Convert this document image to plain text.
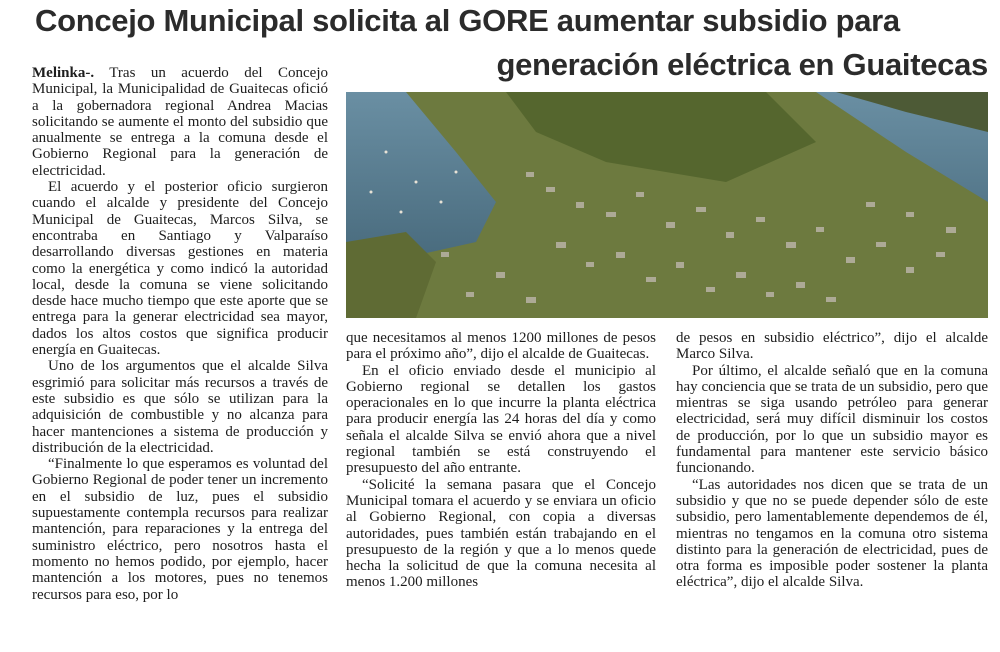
Concejo Municipal solicita al GORE aumentar subsidio para
generación eléctrica en Guaitecas

Melinka-. Tras un acuerdo del Concejo Municipal, la Municipalidad de Guaitecas ofició a la gobernadora regional Andrea Macias solicitando se aumente el monto del subsidio que anualmente se entrega a la comuna desde el Gobierno Regional para la generación de electricidad.

El acuerdo y el posterior oficio surgieron cuando el alcalde y presidente del Concejo Municipal de Guaitecas, Marcos Silva, se encontraba en Santiago y Valparaíso desarrollando diversas gestiones en materia como la energética y como indicó la autoridad local, desde la comuna se viene solicitando desde hace mucho tiempo que este aporte que se entrega para la generar electricidad sea mayor, dados los altos costos que significa producir energía en Guaitecas.

Uno de los argumentos que el alcalde Silva esgrimió para solicitar más recursos a través de este subsidio es que sólo se utilizan para la adquisición de combustible y no alcanza para hacer mantenciones a sistema de producción y distribución de la electricidad.

“Finalmente lo que esperamos es voluntad del Gobierno Regional de poder tener un incremento en el subsidio de luz, pues el subsidio supuestamente contempla recursos para realizar mantención, para reparaciones y la entrega del suministro eléctrico, pero nosotros hasta el momento no hemos podido, por ejemplo, hacer mantención a los motores, pues no tenemos recursos para eso, por lo

que necesitamos al menos 1200 millones de pesos para el próximo año”, dijo el alcalde de Guaitecas.

En el oficio enviado desde el municipio al Gobierno regional se detallen los gastos operacionales en lo que incurre la planta eléctrica para producir energía las 24 horas del día y como señala el alcalde Silva se envió ahora que a nivel regional también se está construyendo el presupuesto del año entrante.

“Solicité la semana pasara que el Concejo Municipal tomara el acuerdo y se enviara un oficio al Gobierno Regional, con copia a diversas autoridades, pues también están trabajando en el presupuesto de la región y que a lo menos quede hecha la solicitud de que la comuna necesita al menos 1.200 millones

de pesos en subsidio eléctrico”, dijo el alcalde Marco Silva.

Por último, el alcalde señaló que en la comuna hay conciencia que se trata de un subsidio, pero que mientras se siga usando petróleo para generar electricidad, será muy difícil disminuir los costos de producción, por lo que un subsidio mayor es fundamental para mantener este servicio básico funcionando.

“Las autoridades nos dicen que se trata de un subsidio y que no se puede depender sólo de este subsidio, pero lamentablemente dependemos de él, mientras no tengamos en la comuna otro sistema distinto para la generación de electricidad, pues de otra forma es imposible poder sostener la planta eléctrica”, dijo el alcalde Silva.
